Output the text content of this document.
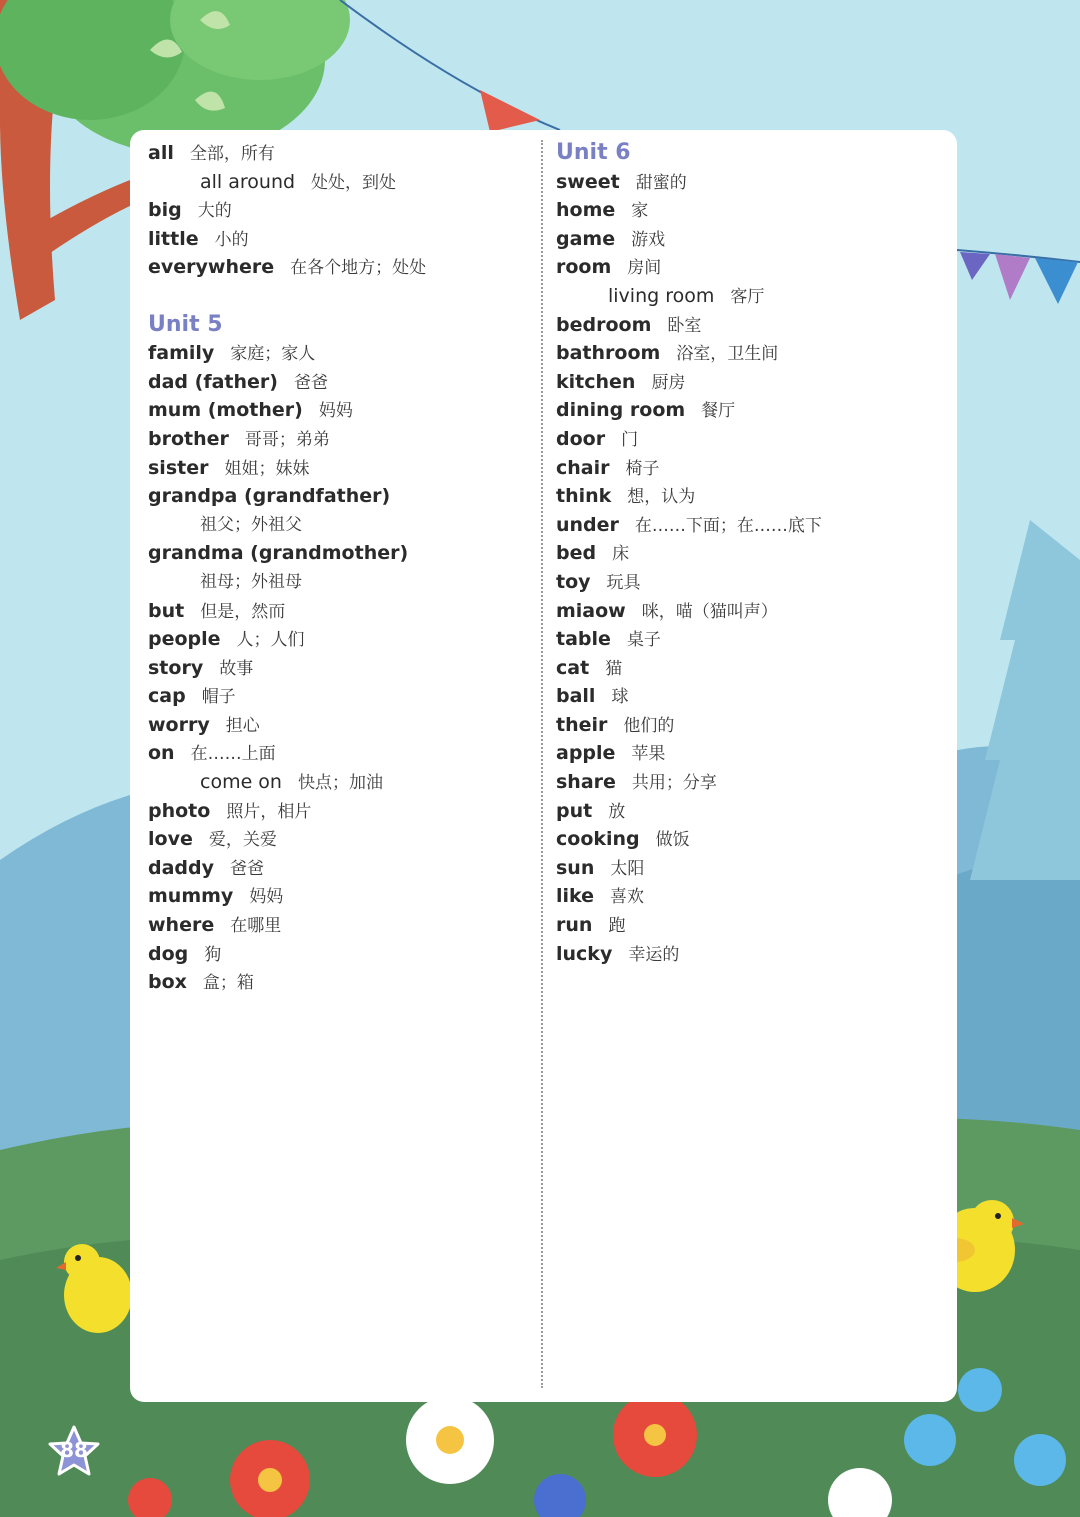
all 全部，所有
all around 处处，到处
big 大的
little 小的
everywhere 在各个地方；处处
Unit 5
family 家庭；家人
dad (father) 爸爸
mum (mother) 妈妈
brother 哥哥；弟弟
sister 姐姐；妹妹
grandpa (grandfather)
祖父；外祖父
grandma (grandmother)
祖母；外祖母
but 但是，然而
people 人；人们
story 故事
cap 帽子
worry 担心
on 在……上面
come on 快点；加油
photo 照片，相片
love 爱，关爱
daddy 爸爸
mummy 妈妈
where 在哪里
dog 狗
box 盒；箱
Unit 6
sweet 甜蜜的
home 家
game 游戏
room 房间
living room 客厅
bedroom 卧室
bathroom 浴室，卫生间
kitchen 厨房
dining room 餐厅
door 门
chair 椅子
think 想，认为
under 在……下面；在……底下
bed 床
toy 玩具
miaow 咪，喵（猫叫声）
table 桌子
cat 猫
ball 球
their 他们的
apple 苹果
share 共用；分享
put 放
cooking 做饭
sun 太阳
like 喜欢
run 跑
lucky 幸运的
88
